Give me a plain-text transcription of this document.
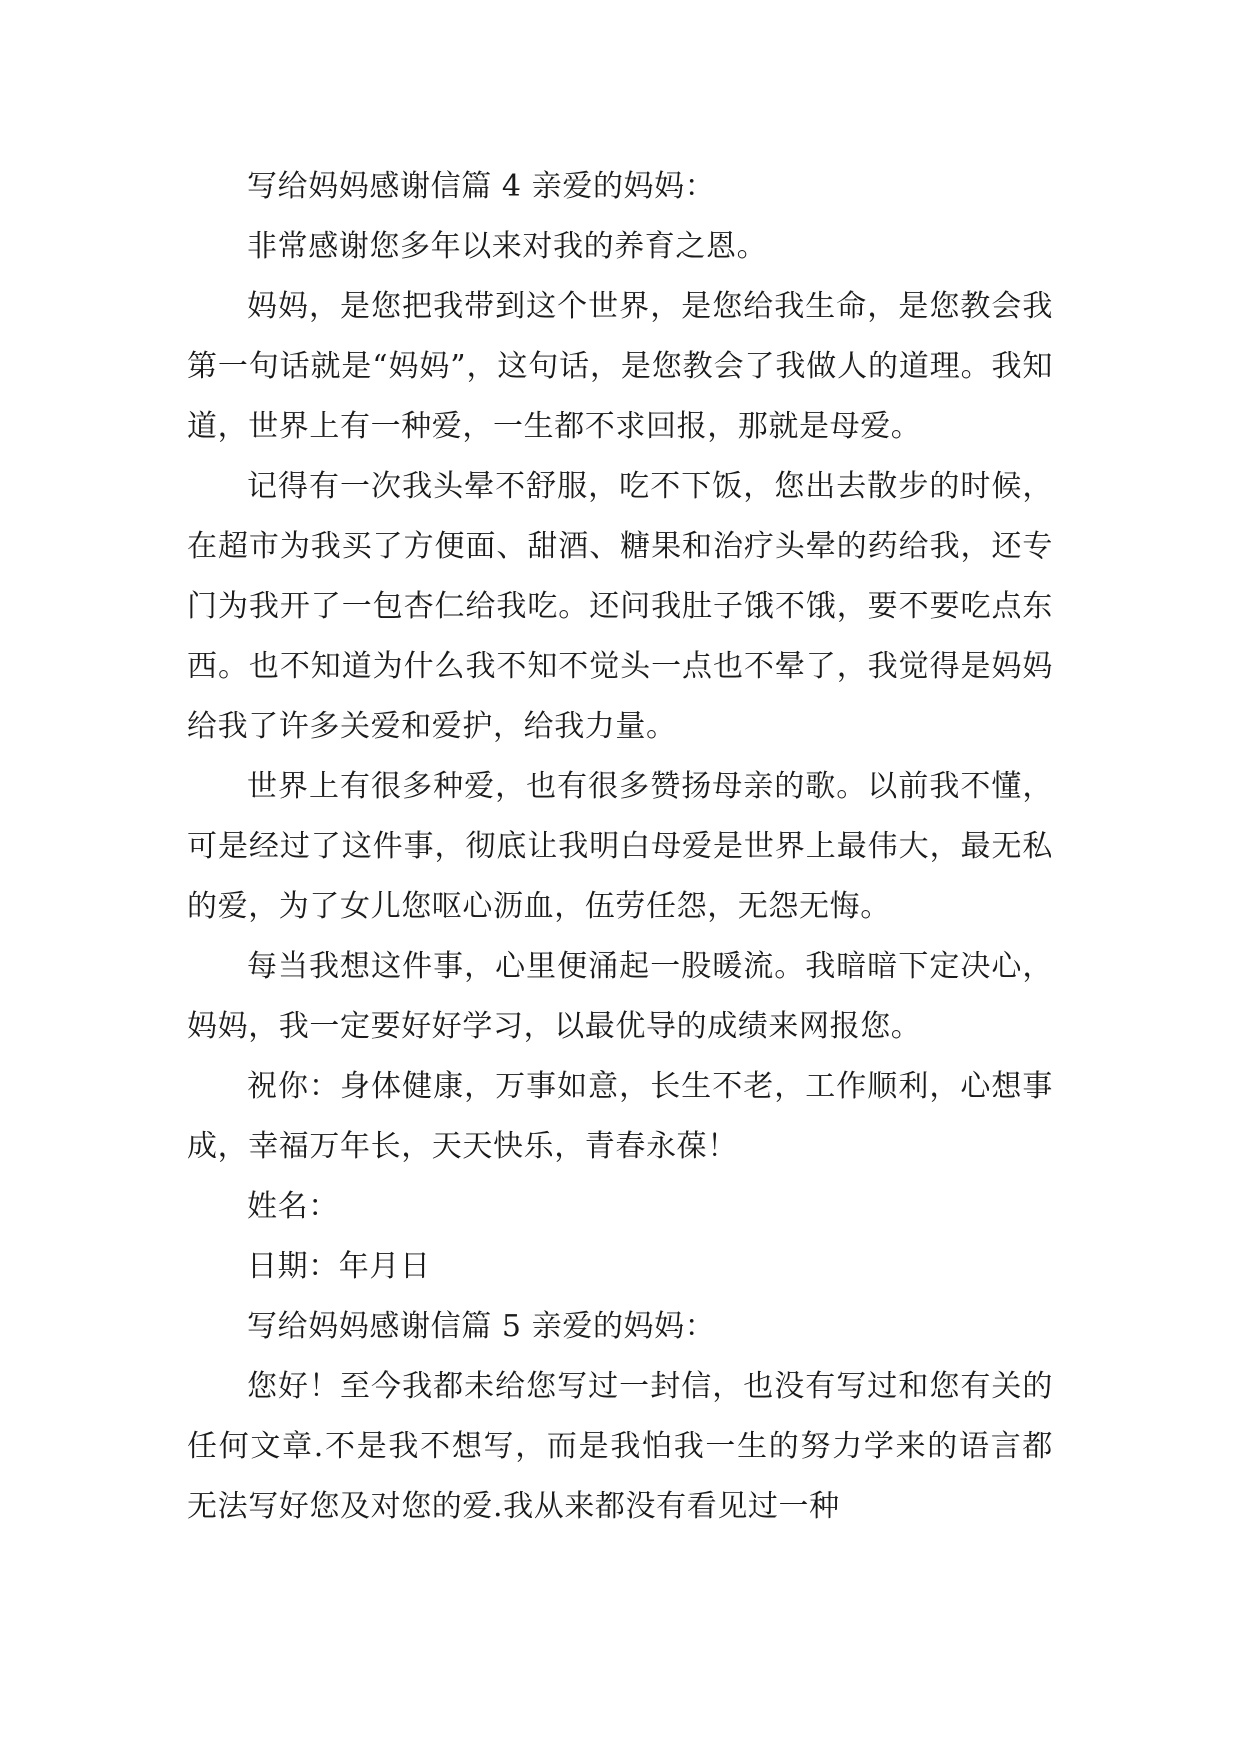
写给妈妈感谢信篇 4 亲爱的妈妈：

非常感谢您多年以来对我的养育之恩。

妈妈，是您把我带到这个世界，是您给我生命，是您教会我第一句话就是“妈妈”，这句话，是您教会了我做人的道理。我知道，世界上有一种爱，一生都不求回报，那就是母爱。

记得有一次我头晕不舒服，吃不下饭，您出去散步的时候，在超市为我买了方便面、甜酒、糖果和治疗头晕的药给我，还专门为我开了一包杏仁给我吃。还问我肚子饿不饿，要不要吃点东西。也不知道为什么我不知不觉头一点也不晕了，我觉得是妈妈给我了许多关爱和爱护，给我力量。

世界上有很多种爱，也有很多赞扬母亲的歌。以前我不懂，可是经过了这件事，彻底让我明白母爱是世界上最伟大，最无私的爱，为了女儿您呕心沥血，伍劳任怨，无怨无悔。

每当我想这件事，心里便涌起一股暖流。我暗暗下定决心，妈妈，我一定要好好学习，以最优导的成绩来网报您。

祝你：身体健康，万事如意，长生不老，工作顺利，心想事成，幸福万年长，天天快乐，青春永葆！

姓名：

日期：年月日

写给妈妈感谢信篇 5 亲爱的妈妈：

您好！至今我都未给您写过一封信，也没有写过和您有关的任何文章.不是我不想写，而是我怕我一生的努力学来的语言都无法写好您及对您的爱.我从来都没有看见过一种
